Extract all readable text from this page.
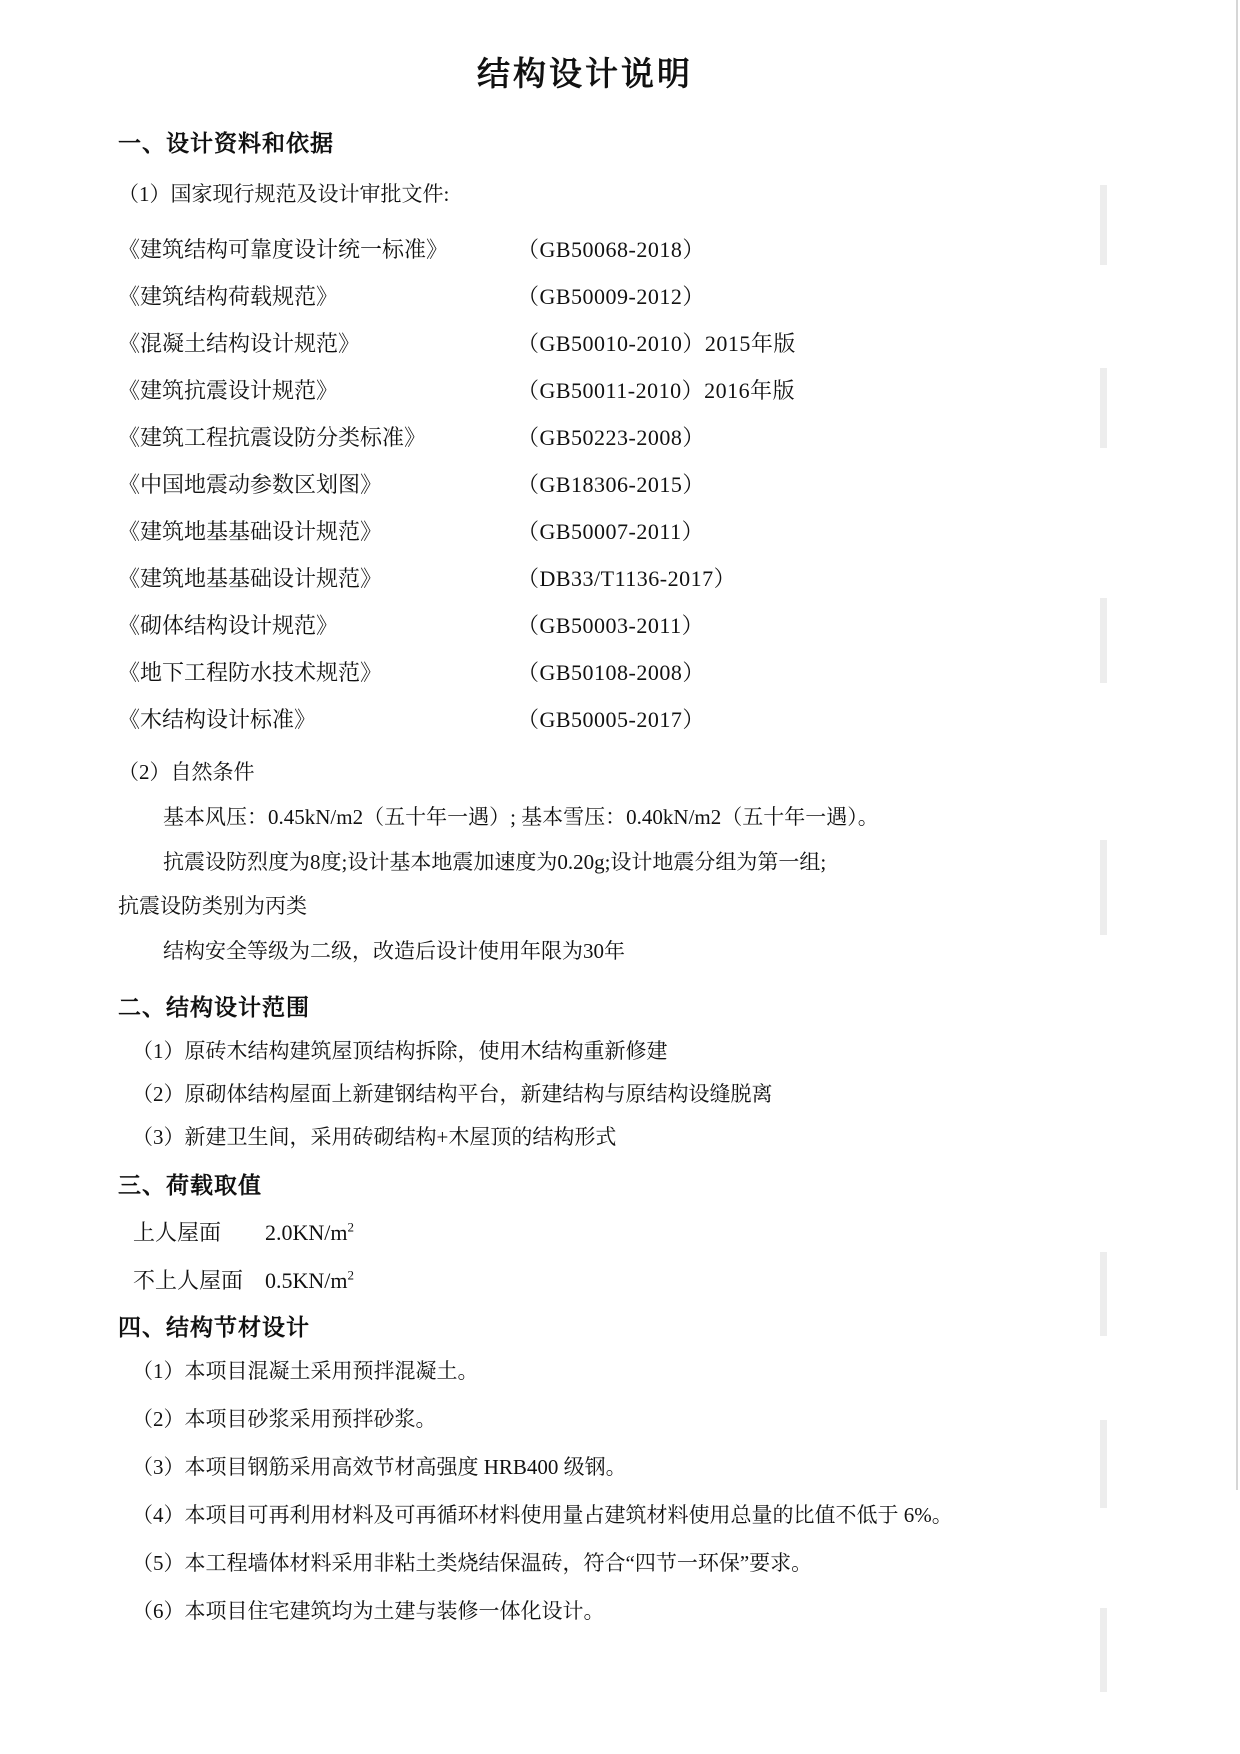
结构设计说明
一、设计资料和依据
（1）国家现行规范及设计审批文件:
《建筑结构可靠度设计统一标准》	（GB50068-2018）
《建筑结构荷载规范》	（GB50009-2012）
《混凝土结构设计规范》	（GB50010-2010）2015年版
《建筑抗震设计规范》	（GB50011-2010）2016年版
《建筑工程抗震设防分类标准》	（GB50223-2008）
《中国地震动参数区划图》	（GB18306-2015）
《建筑地基基础设计规范》	（GB50007-2011）
《建筑地基基础设计规范》	（DB33/T1136-2017）
《砌体结构设计规范》	（GB50003-2011）
《地下工程防水技术规范》	（GB50108-2008）
《木结构设计标准》	（GB50005-2017）
（2）自然条件
基本风压：0.45kN/m2（五十年一遇）; 基本雪压：0.40kN/m2（五十年一遇）。
抗震设防烈度为8度;设计基本地震加速度为0.20g;设计地震分组为第一组;
抗震设防类别为丙类
结构安全等级为二级，改造后设计使用年限为30年
二、结构设计范围
（1）原砖木结构建筑屋顶结构拆除，使用木结构重新修建
（2）原砌体结构屋面上新建钢结构平台，新建结构与原结构设缝脱离
（3）新建卫生间，采用砖砌结构+木屋顶的结构形式
三、荷载取值
上人屋面 $2.0KN/m^2$
不上人屋面 $0.5KN/m^2$
四、结构节材设计
（1）本项目混凝土采用预拌混凝土。
（2）本项目砂浆采用预拌砂浆。
（3）本项目钢筋采用高效节材高强度 HRB400 级钢。
（4）本项目可再利用材料及可再循环材料使用量占建筑材料使用总量的比值不低于 6%。
（5）本工程墙体材料采用非粘土类烧结保温砖，符合“四节一环保”要求。
（6）本项目住宅建筑均为土建与装修一体化设计。
